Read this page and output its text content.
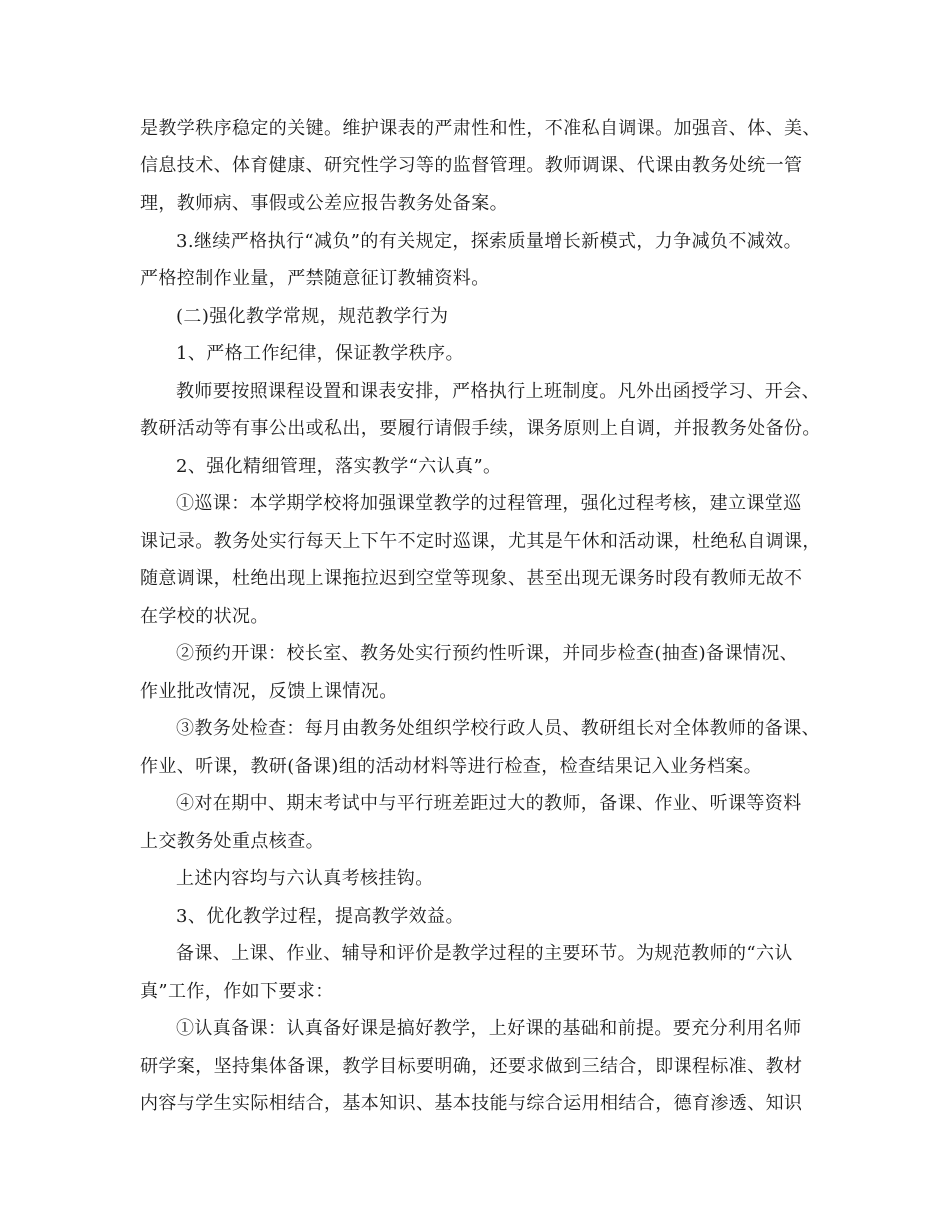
是教学秩序稳定的关键。维护课表的严肃性和性，不准私自调课。加强音、体、美、
信息技术、体育健康、研究性学习等的监督管理。教师调课、代课由教务处统一管
理，教师病、事假或公差应报告教务处备案。
3.继续严格执行“减负”的有关规定，探索质量增长新模式，力争减负不减效。
严格控制作业量，严禁随意征订教辅资料。
(二)强化教学常规，规范教学行为
1、严格工作纪律，保证教学秩序。
教师要按照课程设置和课表安排，严格执行上班制度。凡外出函授学习、开会、
教研活动等有事公出或私出，要履行请假手续，课务原则上自调，并报教务处备份。
2、强化精细管理，落实教学“六认真”。
①巡课：本学期学校将加强课堂教学的过程管理，强化过程考核，建立课堂巡
课记录。教务处实行每天上下午不定时巡课，尤其是午休和活动课，杜绝私自调课，
随意调课，杜绝出现上课拖拉迟到空堂等现象、甚至出现无课务时段有教师无故不
在学校的状况。
②预约开课：校长室、教务处实行预约性听课，并同步检查(抽查)备课情况、
作业批改情况，反馈上课情况。
③教务处检查：每月由教务处组织学校行政人员、教研组长对全体教师的备课、
作业、听课，教研(备课)组的活动材料等进行检查，检查结果记入业务档案。
④对在期中、期末考试中与平行班差距过大的教师，备课、作业、听课等资料
上交教务处重点核查。
上述内容均与六认真考核挂钩。
3、优化教学过程，提高教学效益。
备课、上课、作业、辅导和评价是教学过程的主要环节。为规范教师的“六认
真”工作，作如下要求：
①认真备课：认真备好课是搞好教学，上好课的基础和前提。要充分利用名师
研学案，坚持集体备课，教学目标要明确，还要求做到三结合，即课程标准、教材
内容与学生实际相结合，基本知识、基本技能与综合运用相结合，德育渗透、知识
